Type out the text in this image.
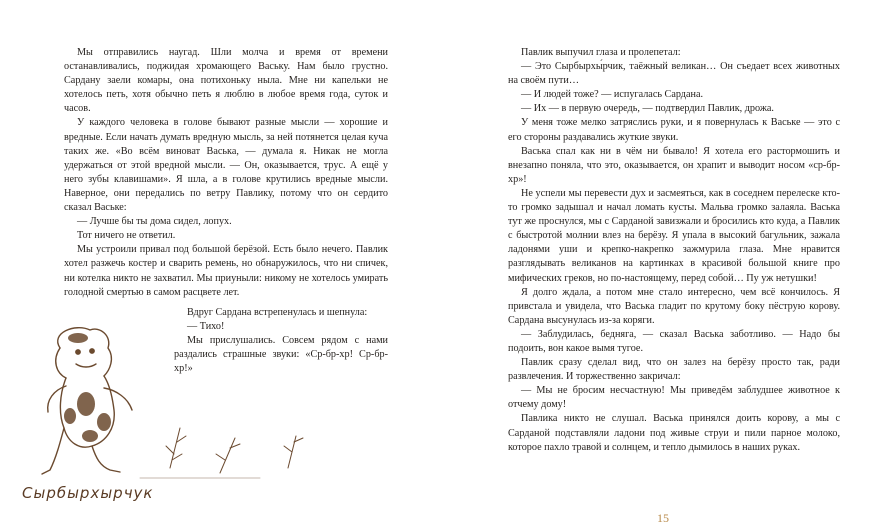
Мы отправились наугад. Шли молча и время от времени останавливались, поджидая хромающего Ваську. Нам было грустно. Сардану заели комары, она потихоньку ныла. Мне ни капельки не хотелось петь, хотя обычно петь я люблю в любое время года, суток и часов.

У каждого человека в голове бывают разные мысли — хорошие и вредные. Если начать думать вредную мысль, за ней потянется целая куча таких же. «Во всём виноват Васька, — думала я. Никак не могла удержаться от этой вредной мысли. — Он, оказывается, трус. А ещё у него зубы клавишами». Я шла, а в голове крутились вредные мысли. Наверное, они передались по ветру Павлику, потому что он сердито сказал Ваське:

— Лучше бы ты дома сидел, лопух.

Тот ничего не ответил.

Мы устроили привал под большой берёзой. Есть было нечего. Павлик хотел разжечь костер и сварить ремень, но обнаружилось, что ни спичек, ни котелка никто не захватил. Мы приуныли: никому не хотелось умирать голодной смертью в самом расцвете лет.

Вдруг Сардана встрепенулась и шепнула:

— Тихо!

Мы прислушались. Совсем рядом с нами раздались страшные звуки: «Ср-бр-хр! Ср-бр-хр!»

Сырбырхырчук

Павлик выпучил глаза и пролепетал:

— Это Сырбырхы́рчик, таёжный великан… Он съедает всех животных на своём пути…

— И людей тоже? — испугалась Сардана.

— Их — в первую очередь, — подтвердил Павлик, дрожа.

У меня тоже мелко затряслись руки, и я повернулась к Ваське — это с его стороны раздавались жуткие звуки.

Васька спал как ни в чём ни бывало! Я хотела его растормошить и внезапно поняла, что это, оказывается, он храпит и выводит носом «ср-бр-хр»!

Не успели мы перевести дух и засмеяться, как в соседнем перелеске кто-то громко задышал и начал ломать кусты. Мальва громко залаяла. Васька тут же проснулся, мы с Сарданой завизжали и бросились кто куда, а Павлик с быстротой молнии влез на берёзу. Я упала в высокий багульник, зажала ладонями уши и крепко-накрепко зажмурила глаза. Мне нравится разглядывать великанов на картинках в красивой большой книге про мифических греков, но по-настоящему, перед собой… Пу уж нетушки!

Я долго ждала, а потом мне стало интересно, чем всё кончилось. Я привстала и увидела, что Васька гладит по крутому боку пёструю корову. Сардана высунулась из-за коряги.

— Заблудилась, бедняга, — сказал Васька заботливо. — Надо бы подоить, вон какое вымя тугое.

Павлик сразу сделал вид, что он залез на берёзу просто так, ради развлечения. И торжественно закричал:

— Мы не бросим несчастную! Мы приведём заблудшее животное к отчему дому!

Павлика никто не слушал. Васька принялся доить корову, а мы с Сарданой подставляли ладони под живые струи и пили парное молоко, которое пахло травой и солнцем, и тепло дымилось в наших руках.

15
